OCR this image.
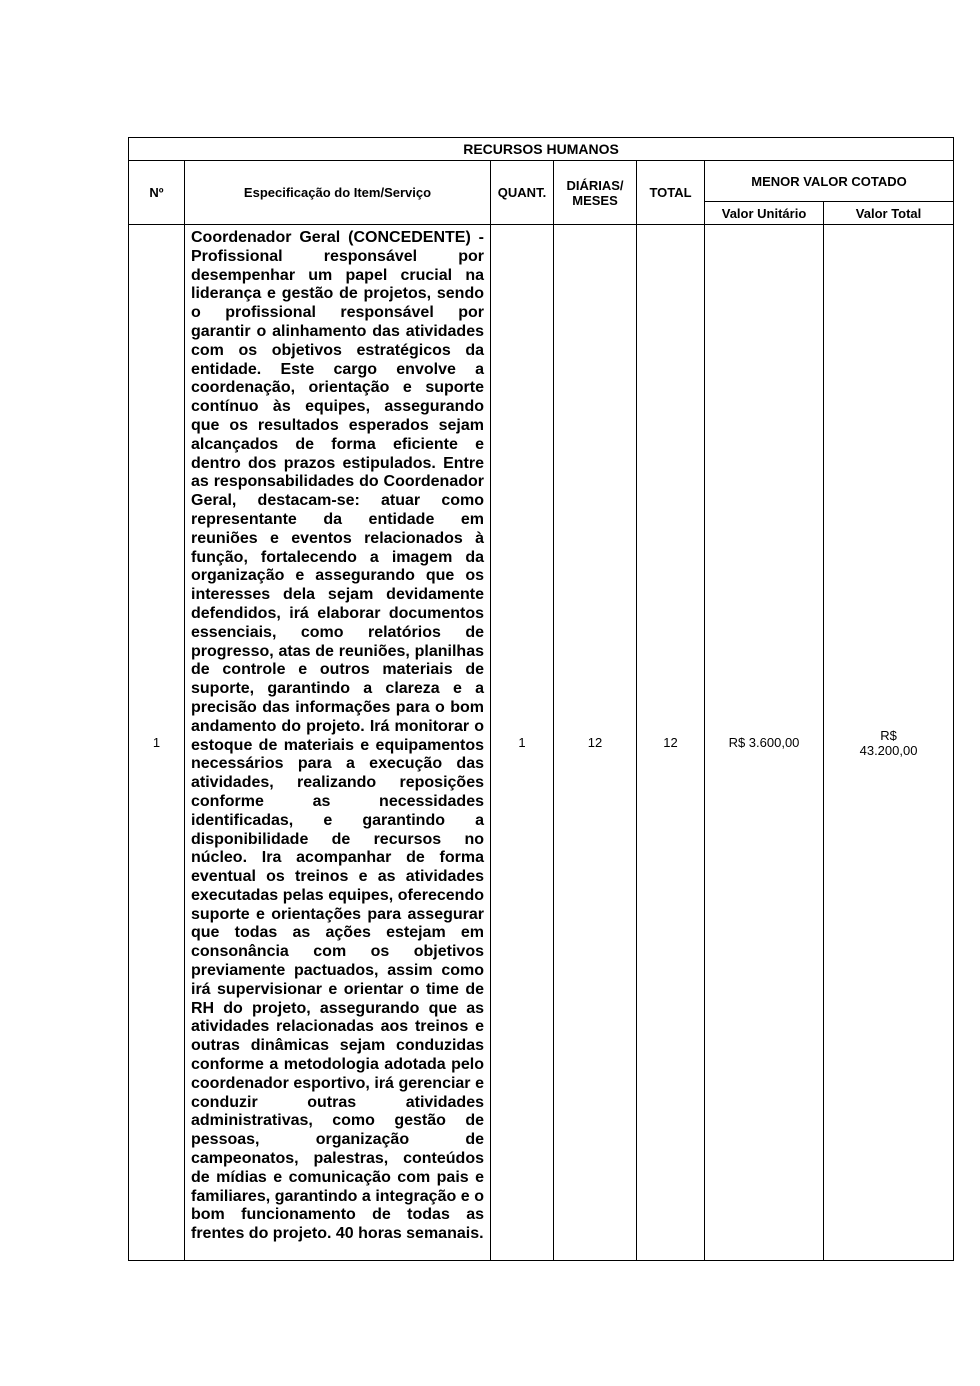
RECURSOS HUMANOS						
Nº	Especificação do Item/Serviço	QUANT.	DIÁRIAS/ MESES	TOTAL	MENOR VALOR COTADO	
					Valor Unitário	Valor Total
1	Coordenador Geral (CONCEDENTE) - Profissional responsável por desempenhar um papel crucial na liderança e gestão de projetos, sendo o profissional responsável por garantir o alinhamento das atividades com os objetivos estratégicos da entidade. Este cargo envolve a coordenação, orientação e suporte contínuo às equipes, assegurando que os resultados esperados sejam alcançados de forma eficiente e dentro dos prazos estipulados. Entre as responsabilidades do Coordenador Geral, destacam-se: atuar como representante da entidade em reuniões e eventos relacionados à função, fortalecendo a imagem da organização e assegurando que os interesses dela sejam devidamente defendidos, irá elaborar documentos essenciais, como relatórios de progresso, atas de reuniões, planilhas de controle e outros materiais de suporte, garantindo a clareza e a precisão das informações para o bom andamento do projeto. Irá monitorar o estoque de materiais e equipamentos necessários para a execução das atividades, realizando reposições conforme as necessidades identificadas, e garantindo a disponibilidade de recursos no núcleo. Ira acompanhar de forma eventual os treinos e as atividades executadas pelas equipes, oferecendo suporte e orientações para assegurar que todas as ações estejam em consonância com os objetivos previamente pactuados, assim como irá supervisionar e orientar o time de RH do projeto, assegurando que as atividades relacionadas aos treinos e outras dinâmicas sejam conduzidas conforme a metodologia adotada pelo coordenador esportivo, irá gerenciar e conduzir outras atividades administrativas, como gestão de pessoas, organização de campeonatos, palestras, conteúdos de mídias e comunicação com pais e familiares, garantindo a integração e o bom funcionamento de todas as frentes do projeto. 40 horas semanais.	1	12	12	R$ 3.600,00	R$ 43.200,00
